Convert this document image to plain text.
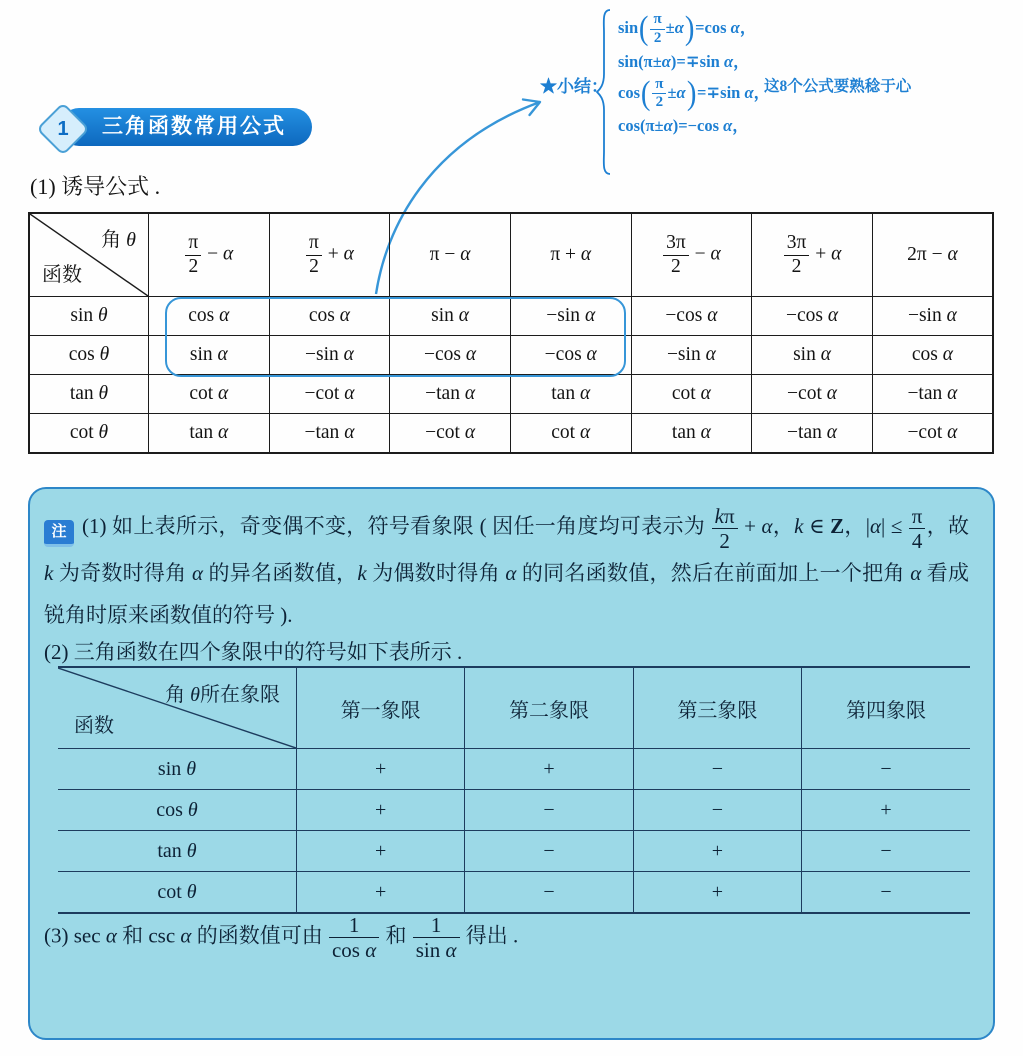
★小结：
$\sin( \frac{\pi}{2} \pm\alpha)=\cos$ α，
sin(π±α)=∓sin α，
$\cos( \frac{\pi}{2} \pm\alpha)=\mp\sin$ α，
cos(π±α)=−cos α，
这8个公式要熟稔于心
三角函数常用公式
1
(1) 诱导公式 .
角 θ
函数	$\frac{\pi}{2} - \alpha$	$\frac{\pi}{2} + \alpha$	π − α	π + α	$\frac{3\pi}{2} - \alpha$	$\frac{3\pi}{2} + \alpha$	2π − α
sin θ	cos α	cos α	sin α	−sin α	−cos α	−cos α	−sin α
cos θ	sin α	−sin α	−cos α	−cos α	−sin α	sin α	cos α
tan θ	cot α	−cot α	−tan α	tan α	cot α	−cot α	−tan α
cot θ	tan α	−tan α	−cot α	cot α	tan α	−tan α	−cot α

注 (1) 如上表所示，奇变偶不变，符号看象限 ( 因任一角度均可表示为 $\frac{k\pi}{2} + \alpha$，k ∈ Z，$|\alpha| \le \frac{\pi}{4}$ ，故 k 为奇数时得角 α 的异名函数值，k 为偶数时得角 α 的同名函数值，然后在前面加上一个把角 α 看成锐角时原来函数值的符号 ).

(2) 三角函数在四个象限中的符号如下表所示 .

角 θ所在象限
函数	第一象限	第二象限	第三象限	第四象限
sin θ	+	+	−	−
cos θ	+	−	−	+
tan θ	+	−	+	−
cot θ	+	−	+	−

(3) sec α 和 csc α 的函数值可由 $\frac{1}{\text{cos α}}$ 和 $\frac{1}{\text{sin α}}$ 得出 .
